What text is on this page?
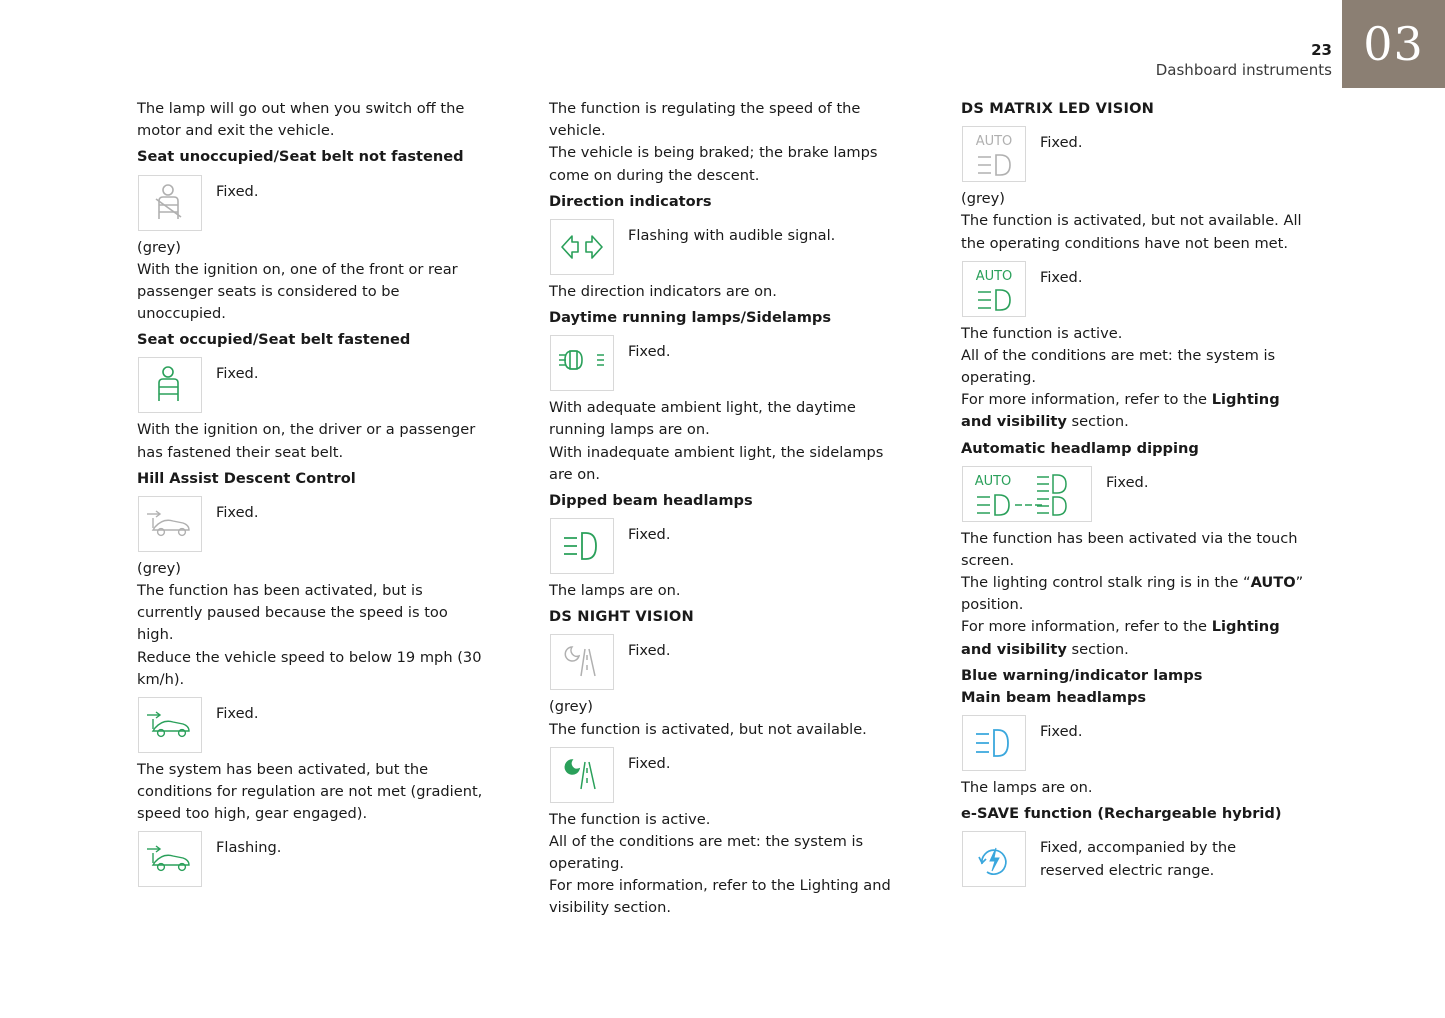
03
23
Dashboard instruments

The lamp will go out when you switch off the motor and exit the vehicle.

Seat unoccupied/Seat belt not fastened

Fixed.

(grey)

With the ignition on, one of the front or rear passenger seats is considered to be unoccupied.

Seat occupied/Seat belt fastened

Fixed.

With the ignition on, the driver or a passenger has fastened their seat belt.

Hill Assist Descent Control

Fixed.

(grey)

The function has been activated, but is currently paused because the speed is too high.

Reduce the vehicle speed to below 19 mph (30 km/h).

Fixed.

The system has been activated, but the conditions for regulation are not met (gradient, speed too high, gear engaged).

Flashing.

The function is regulating the speed of the vehicle.

The vehicle is being braked; the brake lamps come on during the descent.

Direction indicators

Flashing with audible signal.

The direction indicators are on.

Daytime running lamps/Sidelamps

Fixed.

With adequate ambient light, the daytime running lamps are on.

With inadequate ambient light, the sidelamps are on.

Dipped beam headlamps

Fixed.

The lamps are on.

DS NIGHT VISION

Fixed.

(grey)

The function is activated, but not available.

Fixed.

The function is active.

All of the conditions are met: the system is operating.

For more information, refer to the Lighting and visibility section.

DS MATRIX LED VISION

AUTO Fixed.

(grey)

The function is activated, but not available. All the operating conditions have not been met.

AUTO Fixed.

The function is active.

All of the conditions are met: the system is operating.

For more information, refer to the Lighting and visibility section.

Automatic headlamp dipping

AUTO	Fixed.

The function has been activated via the touch screen.

The lighting control stalk ring is in the “AUTO” position.

For more information, refer to the Lighting and visibility section.

Blue warning/indicator lamps

Main beam headlamps

Fixed.

The lamps are on.

e-SAVE function (Rechargeable hybrid)

Fixed, accompanied by the reserved electric range.
